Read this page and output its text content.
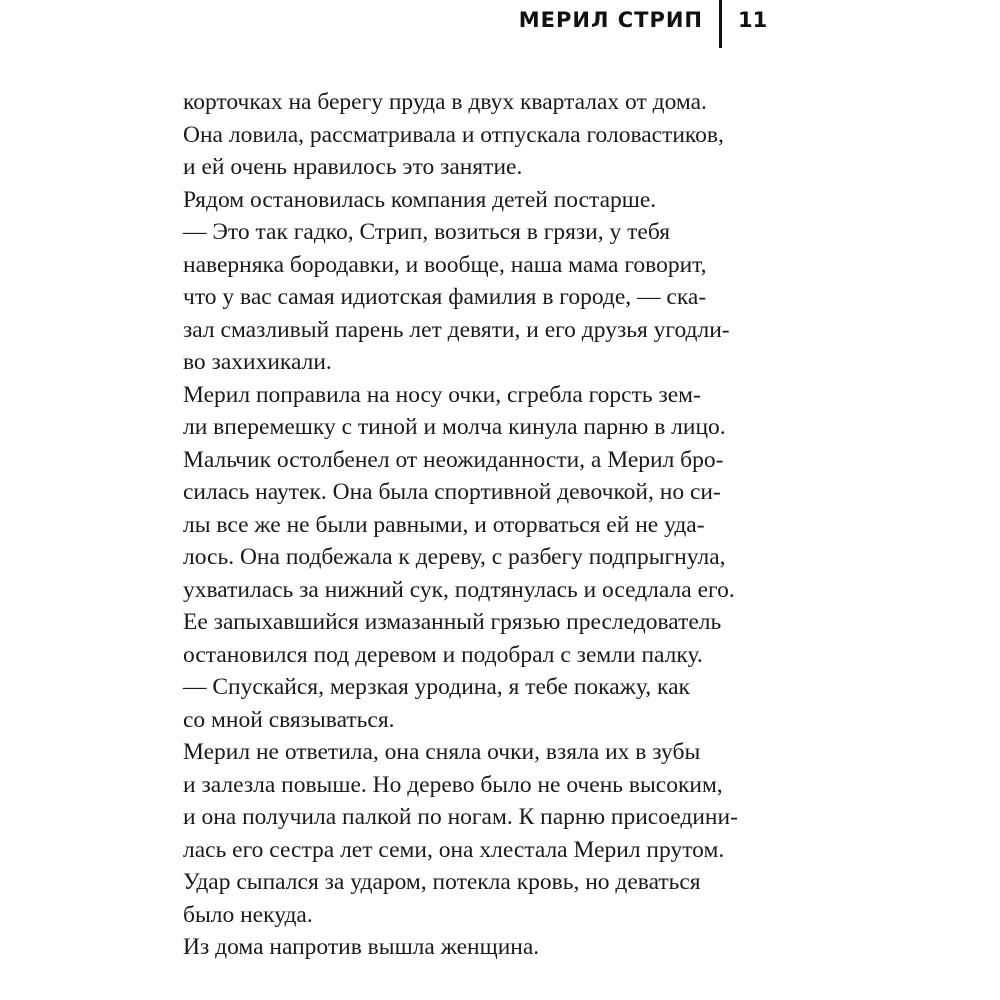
МЕРИЛ СТРИП 11

корточках на берегу пруда в двух кварталах от дома.
Она ловила, рассматривала и отпускала головастиков,
и ей очень нравилось это занятие.

Рядом остановилась компания детей постарше.

— Это так гадко, Стрип, возиться в грязи, у тебя
наверняка бородавки, и вообще, наша мама говорит,
что у вас самая идиотская фамилия в городе, — ска-
зал смазливый парень лет девяти, и его друзья угодли-
во захихикали.

Мерил поправила на носу очки, сгребла горсть зем-
ли вперемешку с тиной и молча кинула парню в лицо.
Мальчик остолбенел от неожиданности, а Мерил бро-
силась наутек. Она была спортивной девочкой, но си-
лы все же не были равными, и оторваться ей не уда-
лось. Она подбежала к дереву, с разбегу подпрыгнула,
ухватилась за нижний сук, подтянулась и оседлала его.

Ее запыхавшийся измазанный грязью преследователь
остановился под деревом и подобрал с земли палку.

— Спускайся, мерзкая уродина, я тебе покажу, как
со мной связываться.

Мерил не ответила, она сняла очки, взяла их в зубы
и залезла повыше. Но дерево было не очень высоким,
и она получила палкой по ногам. К парню присоедини-
лась его сестра лет семи, она хлестала Мерил прутом.
Удар сыпался за ударом, потекла кровь, но деваться
было некуда.

Из дома напротив вышла женщина.
